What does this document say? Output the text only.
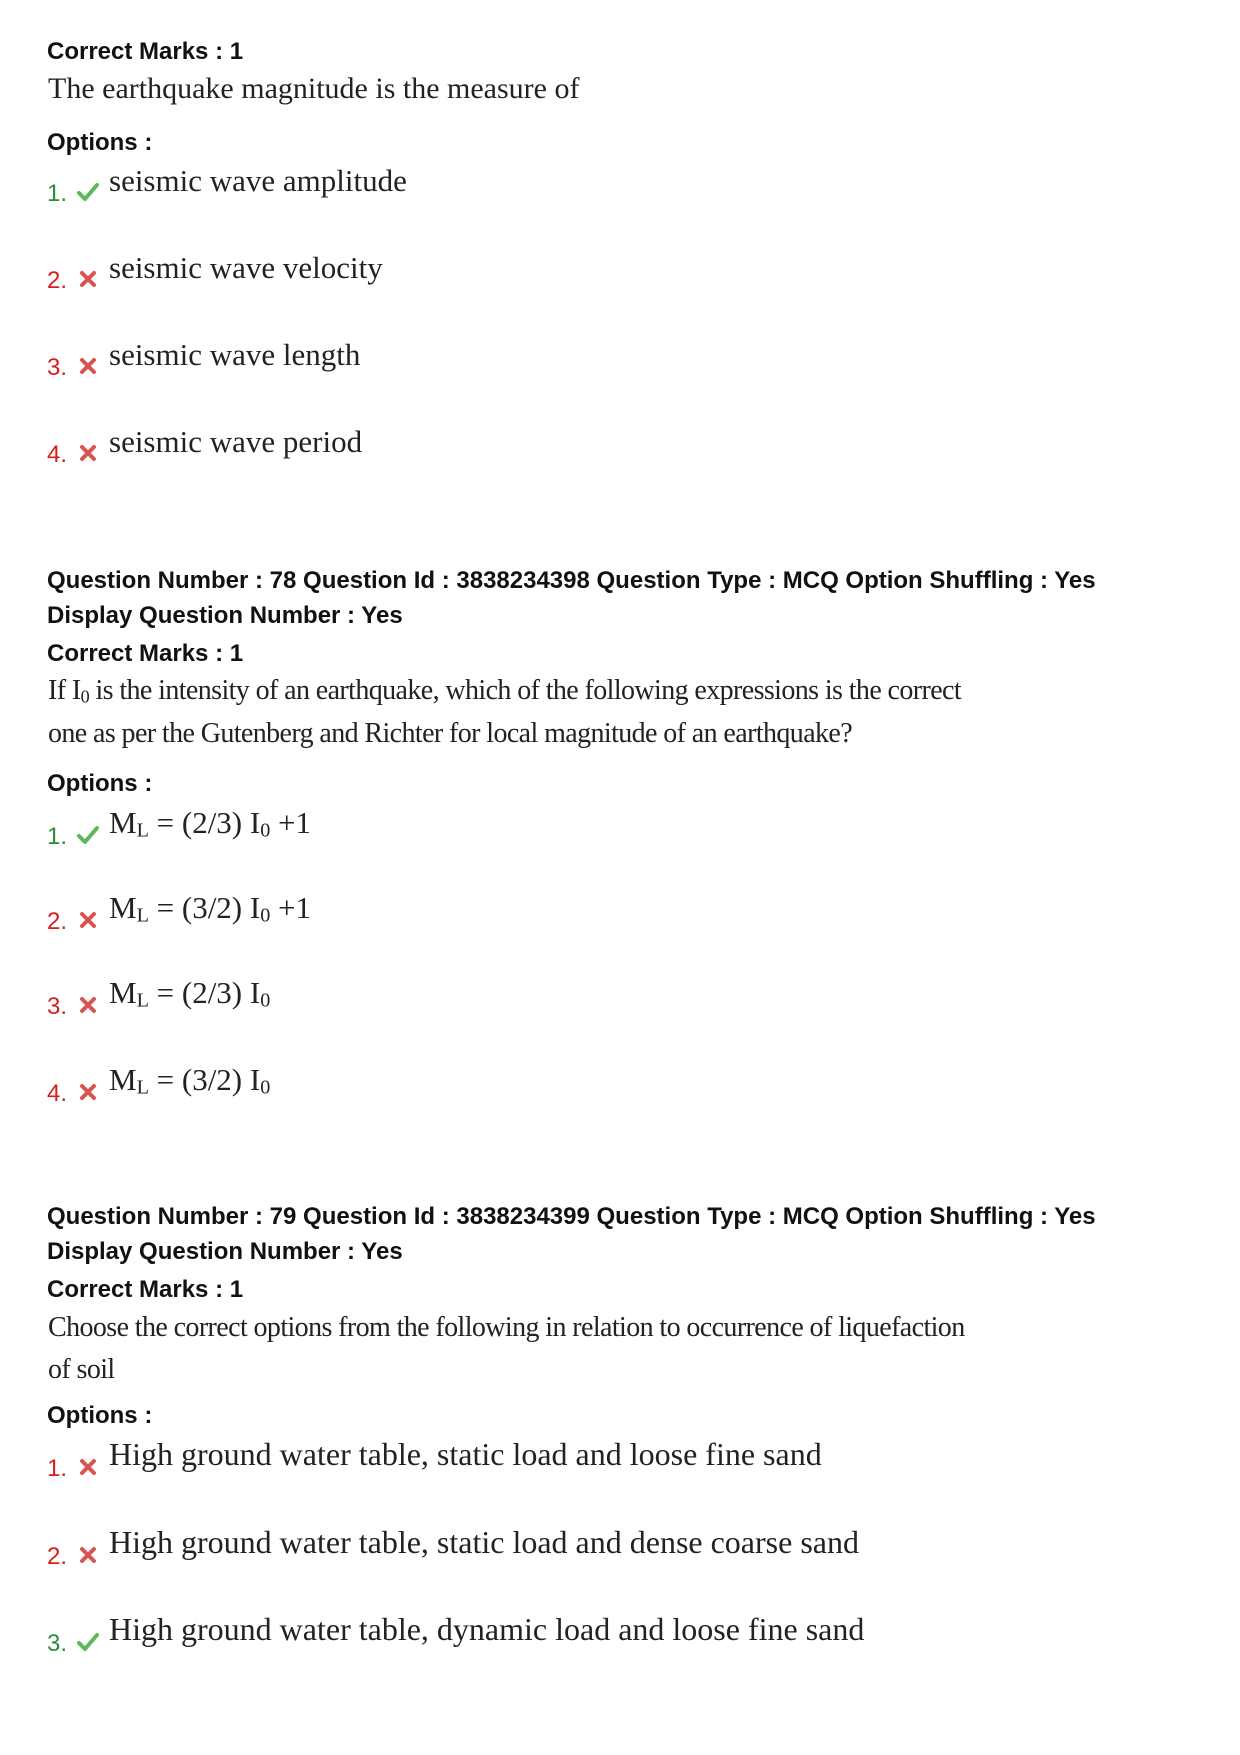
Correct Marks : 1
The earthquake magnitude is the measure of
Options :
1. seismic wave amplitude
2. seismic wave velocity
3. seismic wave length
4. seismic wave period
Question Number : 78 Question Id : 3838234398 Question Type : MCQ Option Shuffling : Yes
Display Question Number : Yes
Correct Marks : 1
If I0 is the intensity of an earthquake, which of the following expressions is the correct
one as per the Gutenberg and Richter for local magnitude of an earthquake?
Options :
1. ML = (2/3) I0 +1
2. ML = (3/2) I0 +1
3. ML = (2/3) I0
4. ML = (3/2) I0
Question Number : 79 Question Id : 3838234399 Question Type : MCQ Option Shuffling : Yes
Display Question Number : Yes
Correct Marks : 1
Choose the correct options from the following in relation to occurrence of liquefaction
of soil
Options :
1. High ground water table, static load and loose fine sand
2. High ground water table, static load and dense coarse sand
3. High ground water table, dynamic load and loose fine sand
